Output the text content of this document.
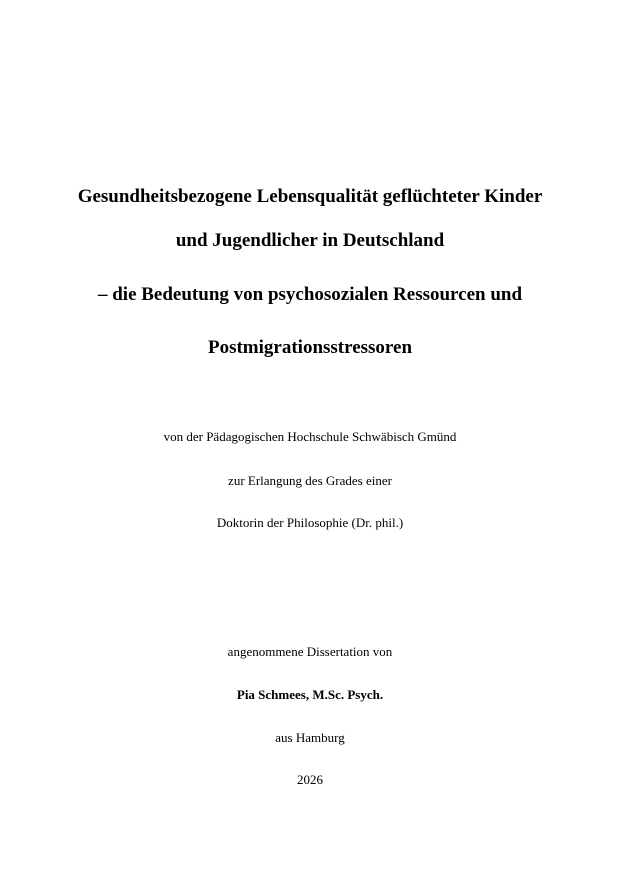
Gesundheitsbezogene Lebensqualität geflüchteter Kinder
und Jugendlicher in Deutschland
– die Bedeutung von psychosozialen Ressourcen und
Postmigrationsstressoren
von der Pädagogischen Hochschule Schwäbisch Gmünd
zur Erlangung des Grades einer
Doktorin der Philosophie (Dr. phil.)
angenommene Dissertation von
Pia Schmees, M.Sc. Psych.
aus Hamburg
2026
